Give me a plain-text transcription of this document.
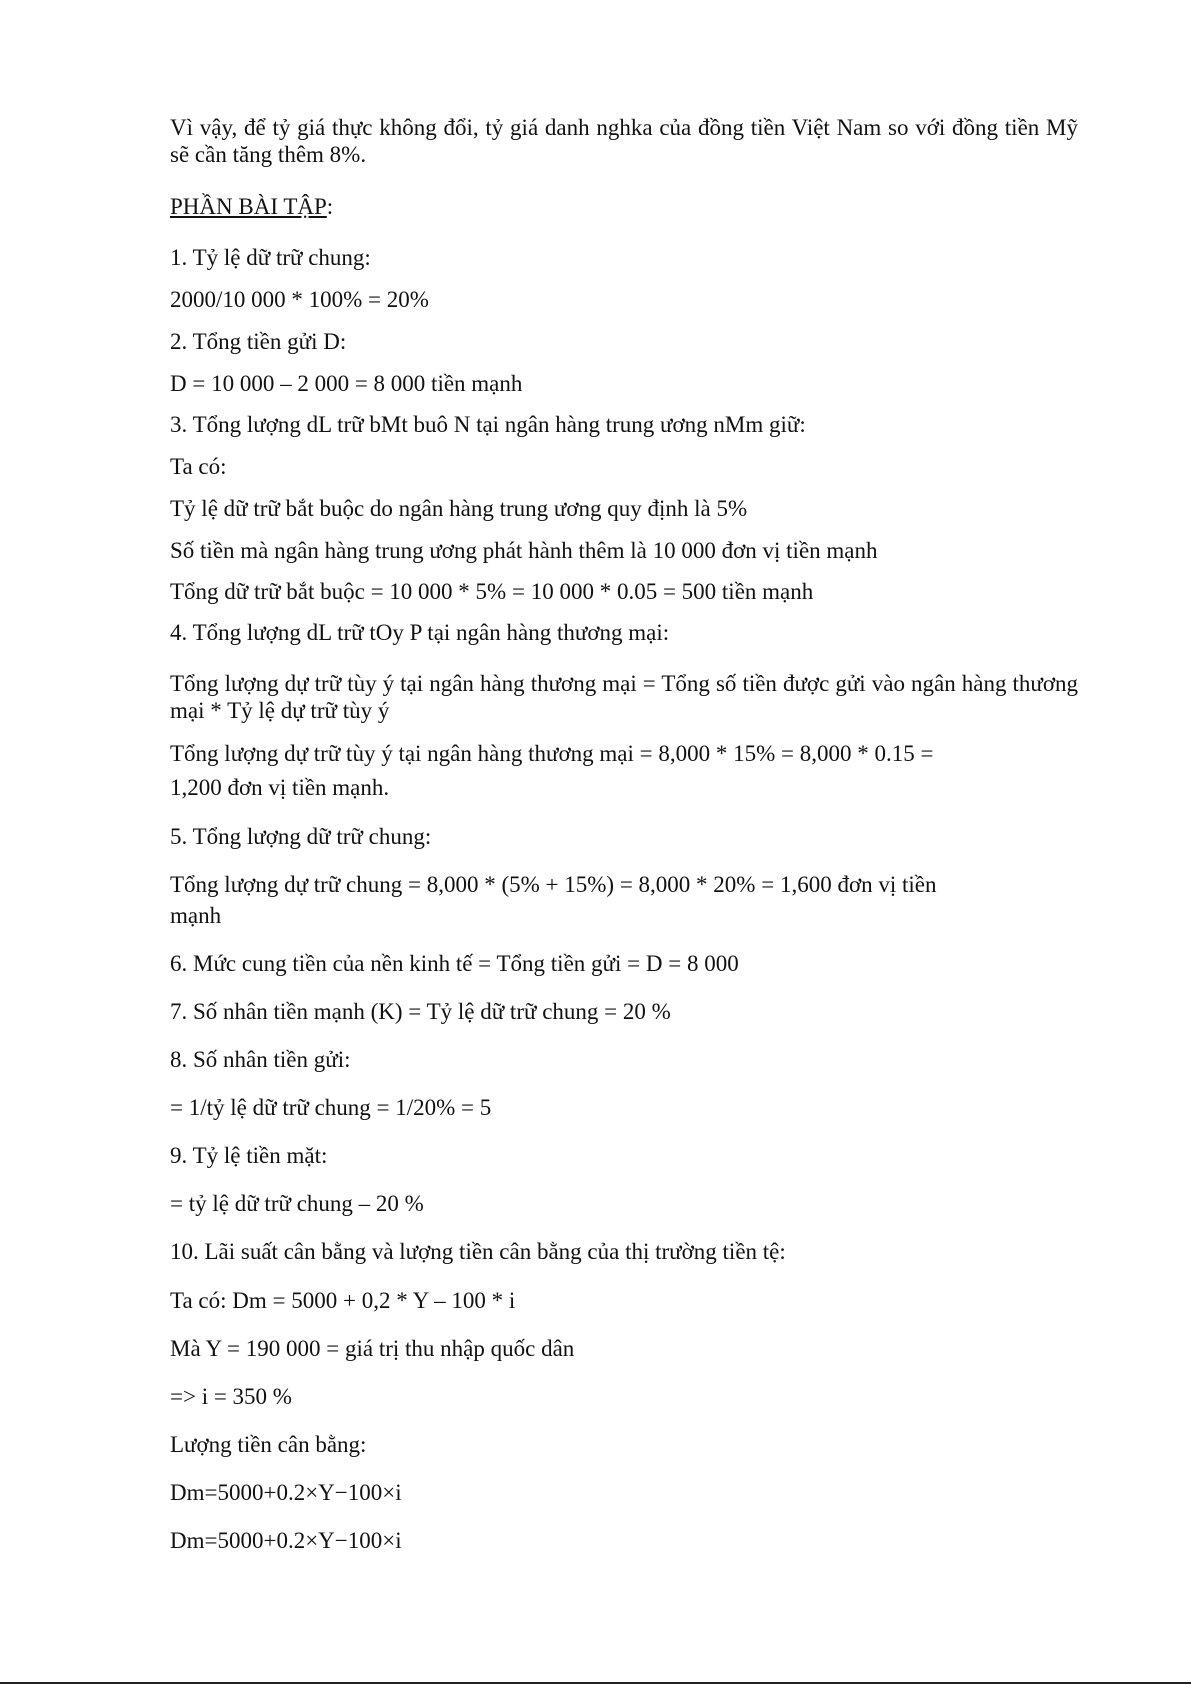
Vì vậy, để tỷ giá thực không đổi, tỷ giá danh nghka của đồng tiền Việt Nam so với đồng tiền Mỹ sẽ cần tăng thêm 8%.
PHẦN BÀI TẬP:
1. Tỷ lệ dữ trữ chung:
2000/10 000 * 100% = 20%
2. Tổng tiền gửi D:
D = 10 000 – 2 000 = 8 000 tiền mạnh
3. Tổng lượng dL trữ bMt buô N tại ngân hàng trung ương nMm giữ:
Ta có:
Tỷ lệ dữ trữ bắt buộc do ngân hàng trung ương quy định là 5%
Số tiền mà ngân hàng trung ương phát hành thêm là 10 000 đơn vị tiền mạnh
Tổng dữ trữ bắt buộc = 10 000 * 5% = 10 000 * 0.05 = 500 tiền mạnh
4. Tổng lượng dL trữ tOy P tại ngân hàng thương mại:
Tổng lượng dự trữ tùy ý tại ngân hàng thương mại = Tổng số tiền được gửi vào ngân hàng thương mại * Tỷ lệ dự trữ tùy ý
Tổng lượng dự trữ tùy ý tại ngân hàng thương mại = 8,000 * 15% = 8,000 * 0.15 =
1,200 đơn vị tiền mạnh.
5. Tổng lượng dữ trữ chung:
Tổng lượng dự trữ chung = 8,000 * (5% + 15%) = 8,000 * 20% = 1,600 đơn vị tiền
mạnh
6. Mức cung tiền của nền kinh tế = Tổng tiền gửi = D = 8 000
7. Số nhân tiền mạnh (K) = Tỷ lệ dữ trữ chung = 20 %
8. Số nhân tiền gửi:
= 1/tỷ lệ dữ trữ chung = 1/20% = 5
9. Tỷ lệ tiền mặt:
= tỷ lệ dữ trữ chung – 20 %
10. Lãi suất cân bằng và lượng tiền cân bằng của thị trường tiền tệ:
Ta có: Dm = 5000 + 0,2 * Y – 100 * i
Mà Y = 190 000 = giá trị thu nhập quốc dân
=> i = 350 %
Lượng tiền cân bằng:
Dm=5000+0.2×Y−100×i
Dm=5000+0.2×Y−100×i
